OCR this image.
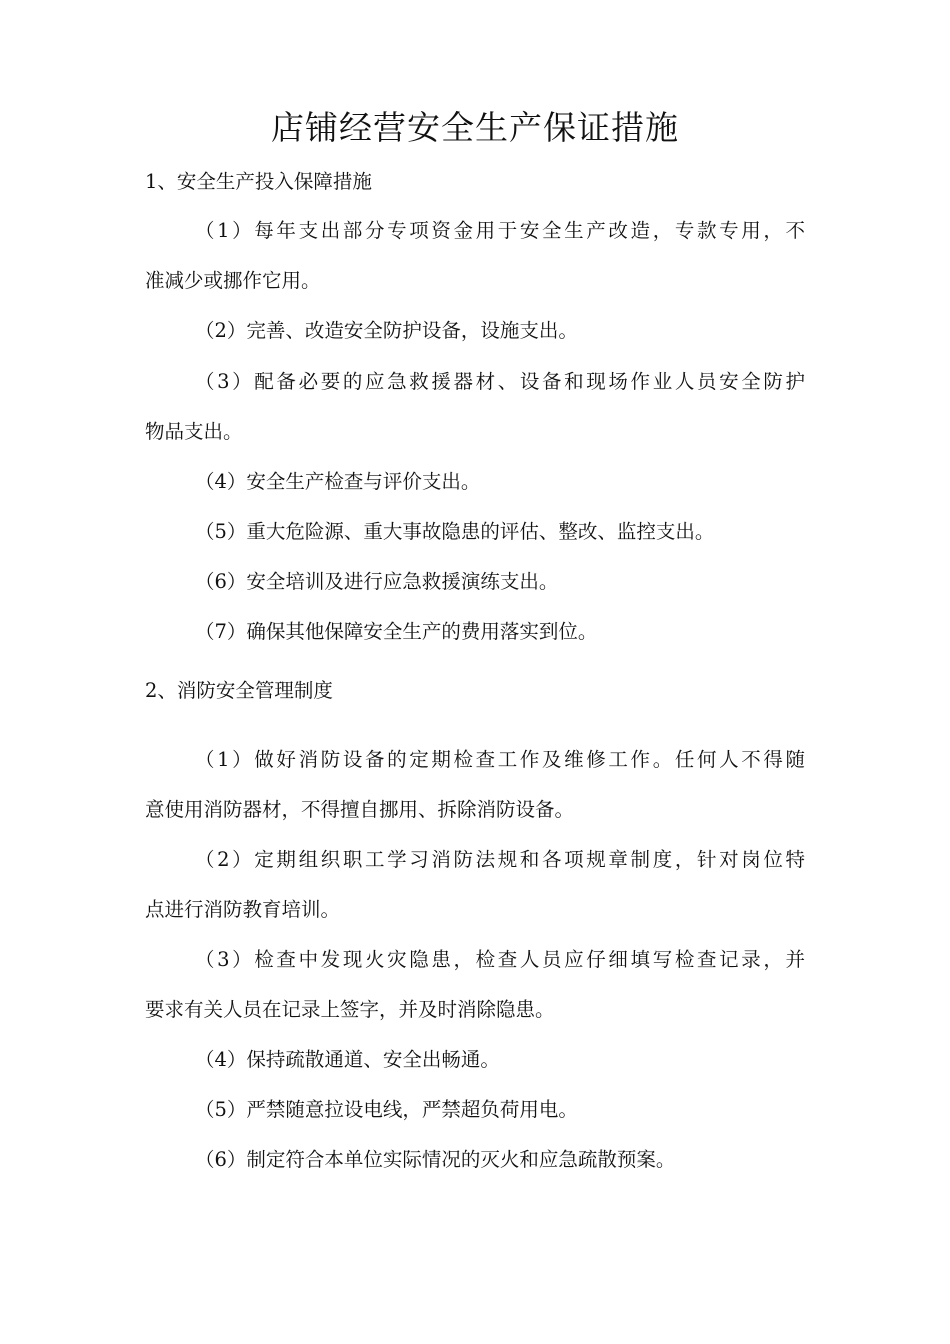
店铺经营安全生产保证措施

1、安全生产投入保障措施

（1）每年支出部分专项资金用于安全生产改造，专款专用，不

准减少或挪作它用。

（2）完善、改造安全防护设备，设施支出。

（3）配备必要的应急救援器材、设备和现场作业人员安全防护

物品支出。

（4）安全生产检查与评价支出。

（5）重大危险源、重大事故隐患的评估、整改、监控支出。

（6）安全培训及进行应急救援演练支出。

（7）确保其他保障安全生产的费用落实到位。

2、消防安全管理制度

（1）做好消防设备的定期检查工作及维修工作。任何人不得随

意使用消防器材，不得擅自挪用、拆除消防设备。

（2）定期组织职工学习消防法规和各项规章制度，针对岗位特

点进行消防教育培训。

（3）检查中发现火灾隐患，检查人员应仔细填写检查记录，并

要求有关人员在记录上签字，并及时消除隐患。

（4）保持疏散通道、安全出畅通。

（5）严禁随意拉设电线，严禁超负荷用电。

（6）制定符合本单位实际情况的灭火和应急疏散预案。
